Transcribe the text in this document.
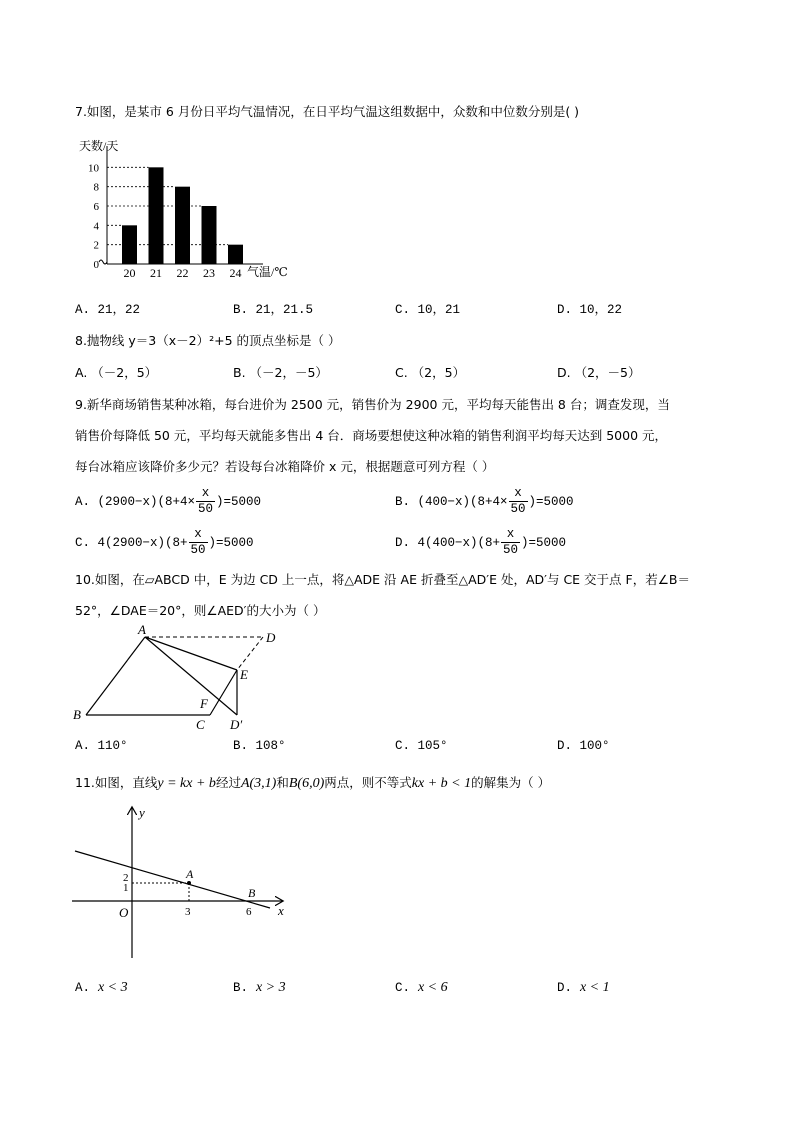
7.如图，是某市 6 月份日平均气温情况，在日平均气温这组数据中，众数和中位数分别是( )
0
2
4
6
8
10
20 21 22 23 24
天数/天
气温/℃
A. 21，22	B. 21，21.5	C. 10，21	D. 10，22
8.抛物线 y＝3（x－2）²+5 的顶点坐标是（ ）
A. （－2，5）	B. （－2，－5）	C. （2，5）	D. （2，－5）
9.新华商场销售某种冰箱，每台进价为 2500 元，销售价为 2900 元，平均每天能售出 8 台；调查发现，当
销售价每降低 50 元，平均每天就能多售出 4 台．商场要想使这种冰箱的销售利润平均每天达到 5000 元，
每台冰箱应该降价多少元？若设每台冰箱降价 x 元，根据题意可列方程（ ）
A. $(2900-x)(8+4\times \frac{x}{50} )=5000$	B. $(400-x)(8+4\times \frac{x}{50} )=5000$
C. $4(2900-x)(8+ \frac{x}{50} )=5000$	D. $4(400-x)(8+ \frac{x}{50} )=5000$
10.如图，在▱ABCD 中，E 为边 CD 上一点，将△ADE 沿 AE 折叠至△AD′E 处，AD′与 CE 交于点 F，若∠B＝
52°，∠DAE＝20°，则∠AED′的大小为（ ）
A
B
C
D
E
F
D′
A. 110°	B. 108°	C. 105°	D. 100°
11.如图，直线y = kx + b经过A(3,1)和B(6,0)两点，则不等式kx + b < 1的解集为（ ）
y
x
O
A
B
2
1
3	6
A. x < 3	B. x > 3	C. x < 6	D. x < 1
